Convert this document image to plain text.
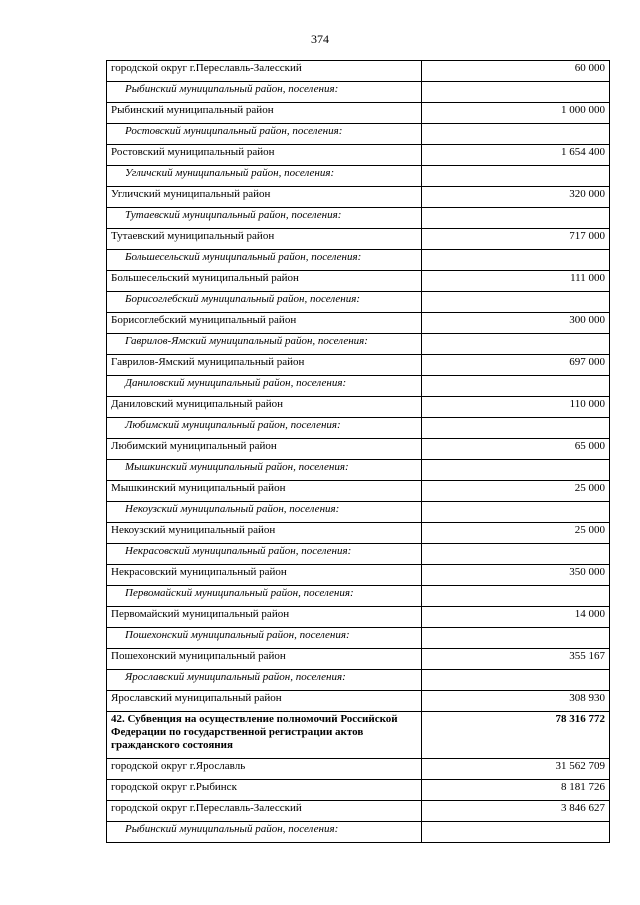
374
городской округ г.Переславль-Залесский	60 000
Рыбинский муниципальный район, поселения:	
Рыбинский муниципальный район	1 000 000
Ростовский муниципальный район, поселения:	
Ростовский муниципальный район	1 654 400
Угличский муниципальный район, поселения:	
Угличский муниципальный район	320 000
Тутаевский муниципальный район, поселения:	
Тутаевский муниципальный район	717 000
Большесельский муниципальный район, поселения:	
Большесельский муниципальный район	111 000
Борисоглебский муниципальный район, поселения:	
Борисоглебский муниципальный район	300 000
Гаврилов-Ямский муниципальный район, поселения:	
Гаврилов-Ямский муниципальный район	697 000
Даниловский муниципальный район, поселения:	
Даниловский муниципальный район	110 000
Любимский муниципальный район, поселения:	
Любимский муниципальный район	65 000
Мышкинский муниципальный район, поселения:	
Мышкинский муниципальный район	25 000
Некоузский муниципальный район, поселения:	
Некоузский муниципальный район	25 000
Некрасовский муниципальный район, поселения:	
Некрасовский муниципальный район	350 000
Первомайский муниципальный район, поселения:	
Первомайский муниципальный район	14 000
Пошехонский муниципальный район, поселения:	
Пошехонский муниципальный район	355 167
Ярославский муниципальный район, поселения:	
Ярославский муниципальный район	308 930
42. Субвенция на осуществление полномочий Российской Федерации по государственной регистрации актов гражданского состояния	78 316 772
городской округ г.Ярославль	31 562 709
городской округ г.Рыбинск	8 181 726
городской округ г.Переславль-Залесский	3 846 627
Рыбинский муниципальный район, поселения:	
